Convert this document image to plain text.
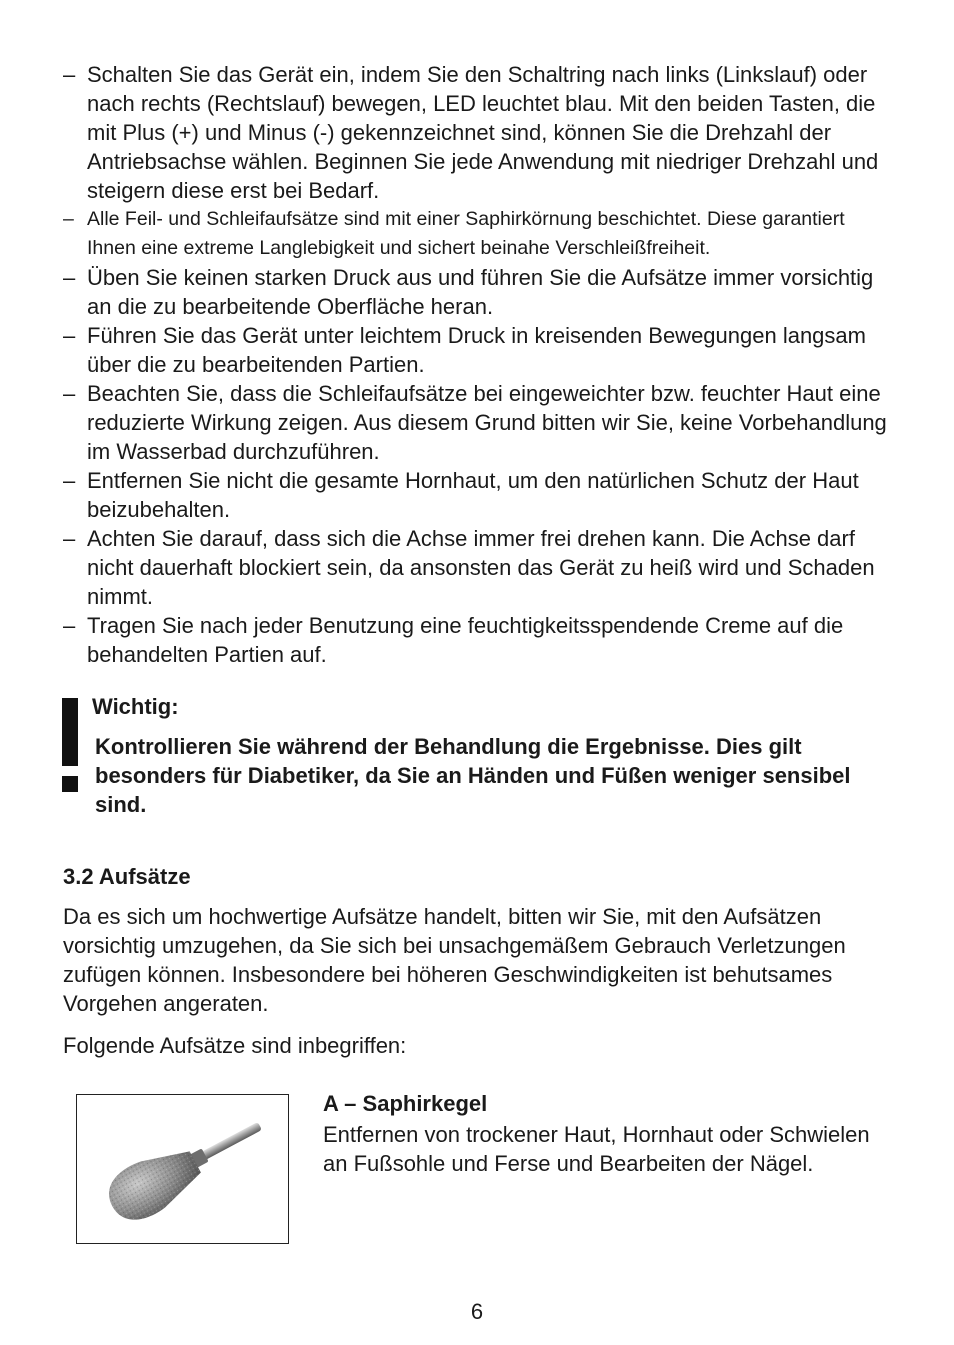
– Schalten Sie das Gerät ein, indem Sie den Schaltring nach links (Linkslauf) oder nach rechts (Rechtslauf) bewegen, LED leuchtet blau. Mit den beiden Tasten, die mit Plus (+) und Minus (-) gekennzeichnet sind, können Sie die Drehzahl der Antriebsachse wählen. Beginnen Sie jede Anwendung mit niedriger Drehzahl und steigern diese erst bei Bedarf.
– Alle Feil- und Schleifaufsätze sind mit einer Saphirkörnung beschichtet. Diese garantiert Ihnen eine extreme Langlebigkeit und sichert beinahe Verschleißfreiheit.
– Üben Sie keinen starken Druck aus und führen Sie die Aufsätze immer vorsichtig an die zu bearbeitende Oberfläche heran.
– Führen Sie das Gerät unter leichtem Druck in kreisenden Bewegungen langsam über die zu bearbeitenden Partien.
– Beachten Sie, dass die Schleifaufsätze bei eingeweichter bzw. feuchter Haut eine reduzierte Wirkung zeigen. Aus diesem Grund bitten wir Sie, keine Vorbehandlung im Wasserbad durchzuführen.
– Entfernen Sie nicht die gesamte Hornhaut, um den natürlichen Schutz der Haut beizubehalten.
– Achten Sie darauf, dass sich die Achse immer frei drehen kann. Die Achse darf nicht dauerhaft blockiert sein, da ansonsten das Gerät zu heiß wird und Schaden nimmt.
– Tragen Sie nach jeder Benutzung eine feuchtigkeitsspendende Creme auf die behandelten Partien auf.
Wichtig:
Kontrollieren Sie während der Behandlung die Ergebnisse. Dies gilt besonders für Diabetiker, da Sie an Händen und Füßen weniger sensibel sind.
3.2 Aufsätze
Da es sich um hochwertige Aufsätze handelt, bitten wir Sie, mit den Aufsätzen vorsichtig umzugehen, da Sie sich bei unsachgemäßem Gebrauch Verletzungen zufügen können. Insbesondere bei höheren Geschwindigkeiten ist behutsames Vorgehen angeraten.
Folgende Aufsätze sind inbegriffen:
A – Saphirkegel
Entfernen von trockener Haut, Hornhaut oder Schwielen an Fußsohle und Ferse und Bearbeiten der Nägel.
6
